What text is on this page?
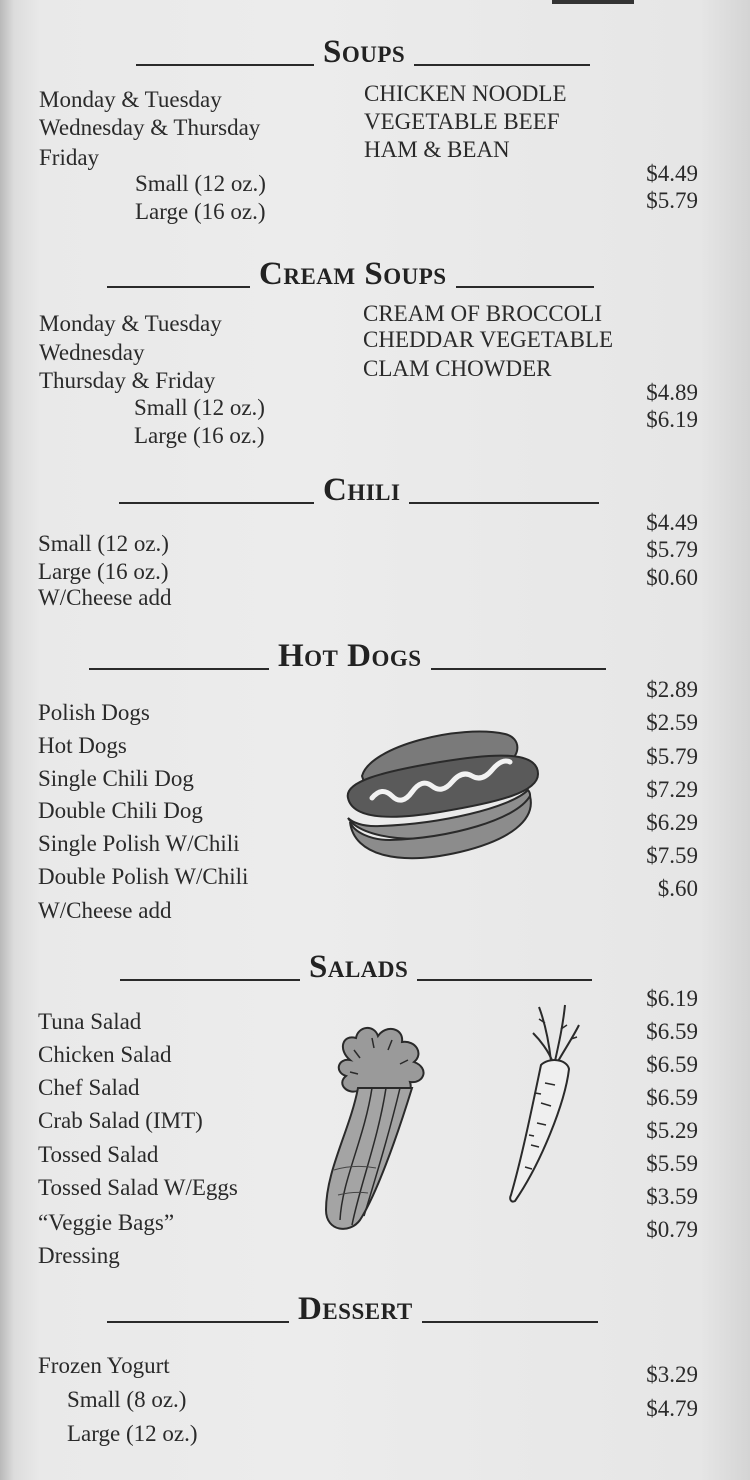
Soups
Monday & Tuesday
Wednesday & Thursday
Friday
CHICKEN NOODLE
VEGETABLE BEEF
HAM & BEAN
Small (12 oz.)
Large (16 oz.)
$4.49
$5.79
Cream Soups
Monday & Tuesday
Wednesday
Thursday & Friday
CREAM OF BROCCOLI
CHEDDAR VEGETABLE
CLAM CHOWDER
Small (12 oz.)
Large (16 oz.)
$4.89
$6.19
Chili
Small (12 oz.)
Large (16 oz.)
W/Cheese add
$4.49
$5.79
$0.60
Hot Dogs
Polish Dogs
Hot Dogs
Single Chili Dog
Double Chili Dog
Single Polish W/Chili
Double Polish W/Chili
W/Cheese add
$2.89
$2.59
$5.79
$7.29
$6.29
$7.59
$.60
Salads
Tuna Salad
Chicken Salad
Chef Salad
Crab Salad (IMT)
Tossed Salad
Tossed Salad W/Eggs
“Veggie Bags”
Dressing
$6.19
$6.59
$6.59
$6.59
$5.29
$5.59
$3.59
$0.79
Dessert
Frozen Yogurt
Small (8 oz.)
Large (12 oz.)
$3.29
$4.79
